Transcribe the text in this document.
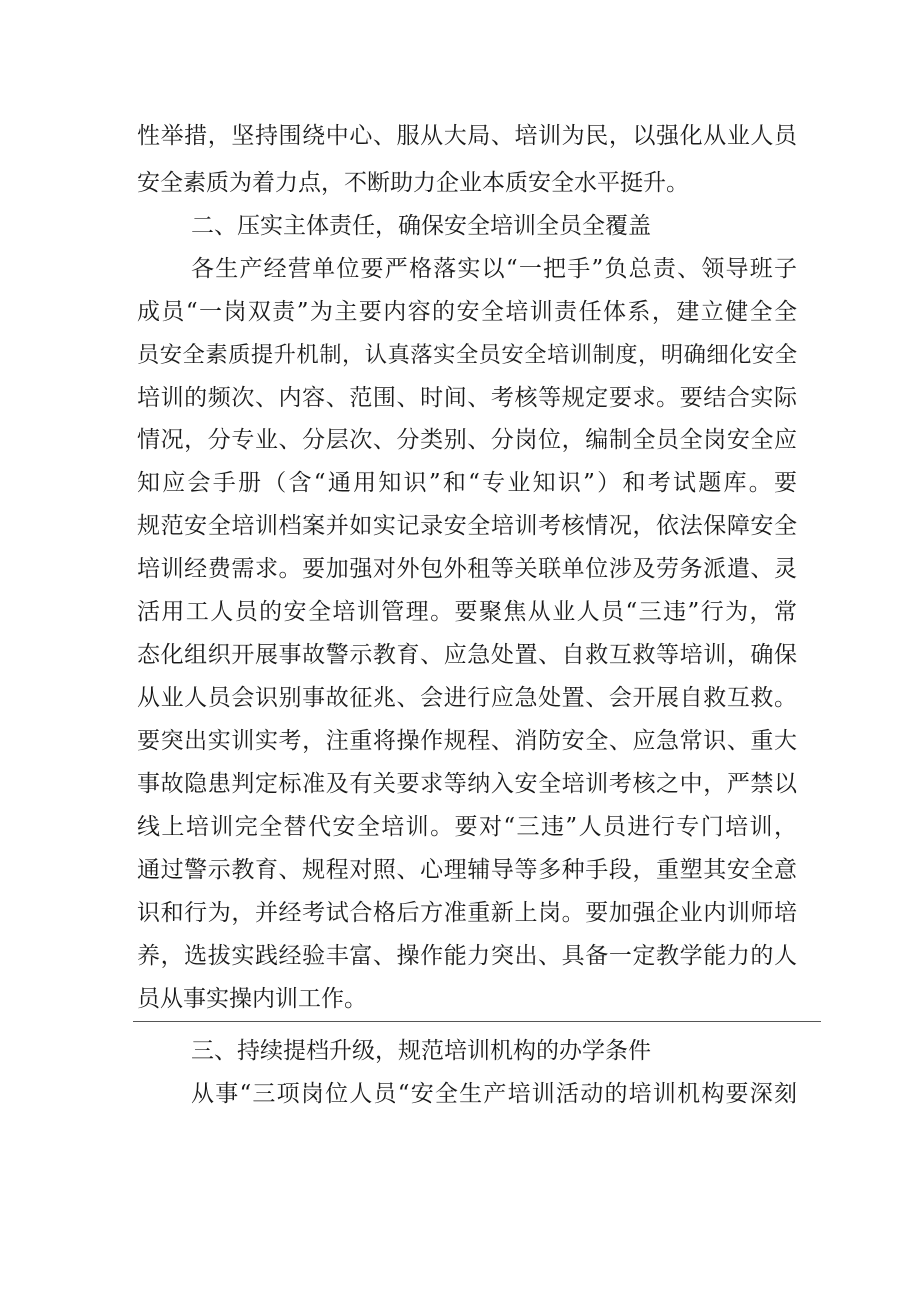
性举措，坚持围绕中心、服从大局、培训为民，以强化从业人员
安全素质为着力点，不断助力企业本质安全水平挺升。
二、压实主体责任，确保安全培训全员全覆盖
各生产经营单位要严格落实以“一把手”负总责、领导班子
成员“一岗双责”为主要内容的安全培训责任体系，建立健全全
员安全素质提升机制，认真落实全员安全培训制度，明确细化安全
培训的频次、内容、范围、时间、考核等规定要求。要结合实际
情况，分专业、分层次、分类别、分岗位，编制全员全岗安全应
知应会手册（含“通用知识”和“专业知识”）和考试题库。要
规范安全培训档案并如实记录安全培训考核情况，依法保障安全
培训经费需求。要加强对外包外租等关联单位涉及劳务派遣、灵
活用工人员的安全培训管理。要聚焦从业人员“三违”行为，常
态化组织开展事故警示教育、应急处置、自救互救等培训，确保
从业人员会识别事故征兆、会进行应急处置、会开展自救互救。
要突出实训实考，注重将操作规程、消防安全、应急常识、重大
事故隐患判定标准及有关要求等纳入安全培训考核之中，严禁以
线上培训完全替代安全培训。要对“三违”人员进行专门培训，
通过警示教育、规程对照、心理辅导等多种手段，重塑其安全意
识和行为，并经考试合格后方准重新上岗。要加强企业内训师培
养，选拔实践经验丰富、操作能力突出、具备一定教学能力的人
员从事实操内训工作。
三、持续提档升级，规范培训机构的办学条件
从事“三项岗位人员“安全生产培训活动的培训机构要深刻
